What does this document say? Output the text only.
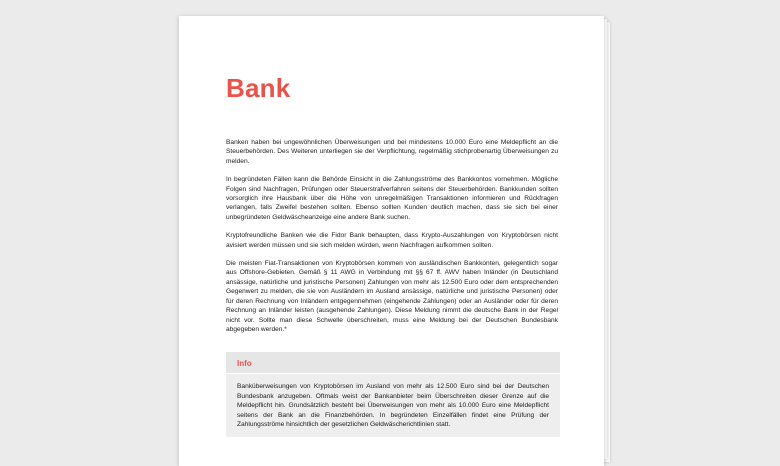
Bank

Banken haben bei ungewöhnlichen Überweisungen und bei mindestens 10.000 Euro eine Meldepflicht an die Steuerbehörden. Des Weiteren unterliegen sie der Verpflichtung, regelmäßig stichprobenartig Überweisungen zu melden.

In begründeten Fällen kann die Behörde Einsicht in die Zahlungsströme des Bankkontos vornehmen. Mögliche Folgen sind Nachfragen, Prüfungen oder Steuerstrafverfahren seitens der Steuerbehörden. Bankkunden sollten vorsorglich ihre Hausbank über die Höhe von unregelmäßigen Transaktionen informieren und Rückfragen verlangen, falls Zweifel bestehen sollten. Ebenso sollten Kunden deutlich machen, dass sie sich bei einer unbegründeten Geldwäscheanzeige eine andere Bank suchen.

Kryptofreundliche Banken wie die Fidor Bank behaupten, dass Krypto-Auszahlungen von Kryptobörsen nicht avisiert werden müssen und sie sich melden würden, wenn Nachfragen aufkommen sollten.

Die meisten Fiat-Transaktionen von Kryptobörsen kommen von ausländischen Bankkonten, gelegentlich sogar aus Offshore-Gebieten. Gemäß § 11 AWG in Verbindung mit §§ 67 ff. AWV haben Inländer (in Deutschland ansässige, natürliche und juristische Personen) Zahlungen von mehr als 12.500 Euro oder dem entsprechenden Gegenwert zu melden, die sie von Ausländern im Ausland ansässige, natürliche und juristische Personen) oder für deren Rechnung von Inländern entgegennehmen (eingehende Zahlungen) oder an Ausländer oder für deren Rechnung an Inländer leisten (ausgehende Zahlungen). Diese Meldung nimmt die deutsche Bank in der Regel nicht vor. Sollte man diese Schwelle überschreiten, muss eine Meldung bei der Deutschen Bundesbank abgegeben werden.*

Info
Banküberweisungen von Kryptobörsen im Ausland von mehr als 12.500 Euro sind bei der Deutschen Bundesbank anzugeben. Oftmals weist der Bankanbieter beim Überschreiten dieser Grenze auf die Meldepflicht hin. Grundsätzlich besteht bei Überweisungen von mehr als 10.000 Euro eine Meldepflicht seitens der Bank an die Finanzbehörden. In begründeten Einzelfällen findet eine Prüfung der Zahlungsströme hinsichtlich der gesetzlichen Geldwäscherichtlinien statt.
